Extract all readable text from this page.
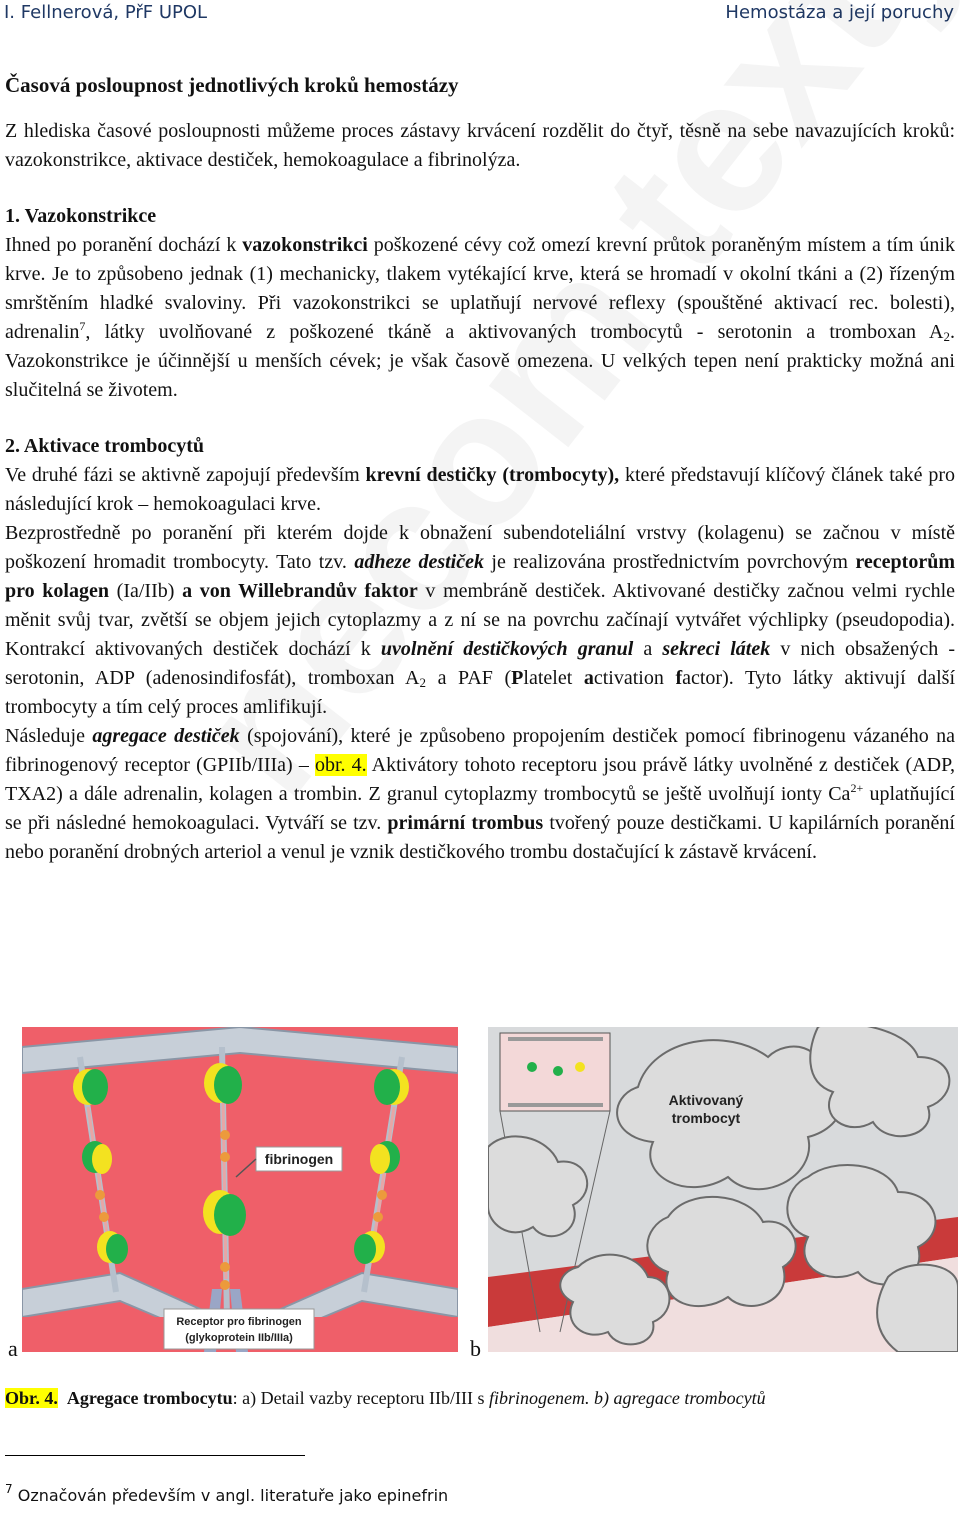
I. Fellnerová, PřF UPOL	Hemostáza a její poruchy
Časová posloupnost jednotlivých kroků hemostázy

Z hlediska časové posloupnosti můžeme proces zástavy krvácení rozdělit do čtyř, těsně na sebe navazujících kroků: vazokonstrikce, aktivace destiček, hemokoagulace a fibrinolýza.

1. Vazokonstrikce

Ihned po poranění dochází k vazokonstrikci poškozené cévy což omezí krevní průtok poraněným místem a tím únik krve. Je to způsobeno jednak (1) mechanicky, tlakem vytékající krve, která se hromadí v okolní tkáni a (2) řízeným smrštěním hladké svaloviny. Při vazokonstrikci se uplatňují nervové reflexy (spouštěné aktivací rec. bolesti), adrenalin$^7$, látky uvolňované z poškozené tkáně a aktivovaných trombocytů - serotonin a tromboxan $A_2$. Vazokonstrikce je účinnější u menších cévek; je však časově omezena. U velkých tepen není prakticky možná ani slučitelná se životem.

2. Aktivace trombocytů

Ve druhé fázi se aktivně zapojují především krevní destičky (trombocyty), které představují klíčový článek také pro následující krok – hemokoagulaci krve.

Bezprostředně po poranění při kterém dojde k obnažení subendoteliální vrstvy (kolagenu) se začnou v místě poškození hromadit trombocyty. Tato tzv. adheze destiček je realizována prostřednictvím povrchovým receptorům pro kolagen (Ia/IIb) a von Willebrandův faktor v membráně destiček. Aktivované destičky začnou velmi rychle měnit svůj tvar, zvětší se objem jejich cytoplazmy a z ní se na povrchu začínají vytvářet výchlipky (pseudopodia). Kontrakcí aktivovaných destiček dochází k uvolnění destičkových granul a sekreci látek v nich obsažených - serotonin, ADP (adenosindifosfát), tromboxan $A_2$ a PAF (Platelet activation factor). Tyto látky aktivují další trombocyty a tím celý proces amlifikují.

Následuje agregace destiček (spojování), které je způsobeno propojením destiček pomocí fibrinogenu vázaného na fibrinogenový receptor (GPIIb/IIIa) – obr. 4. Aktivátory tohoto receptoru jsou právě látky uvolněné z destiček (ADP, TXA2) a dále adrenalin, kolagen a trombin. Z granul cytoplazmy trombocytů se ještě uvolňují ionty $Ca^{2+}$ uplatňující se při následné hemokoagulaci. Vytváří se tzv. primární trombus tvořený pouze destičkami. U kapilárních poranění nebo poranění drobných arteriol a venul je vznik destičkového trombu dostačující k zástavě krvácení.

fibrinogen
Receptor pro fibrinogen
(glykoprotein IIb/IIIa)
Aktivovaný
trombocyt
a	b
Obr. 4. Agregace trombocytu: a) Detail vazby receptoru IIb/III s fibrinogenem. b) agregace trombocytů
$^7$ Označován především v angl. literatuře jako epinefrin
